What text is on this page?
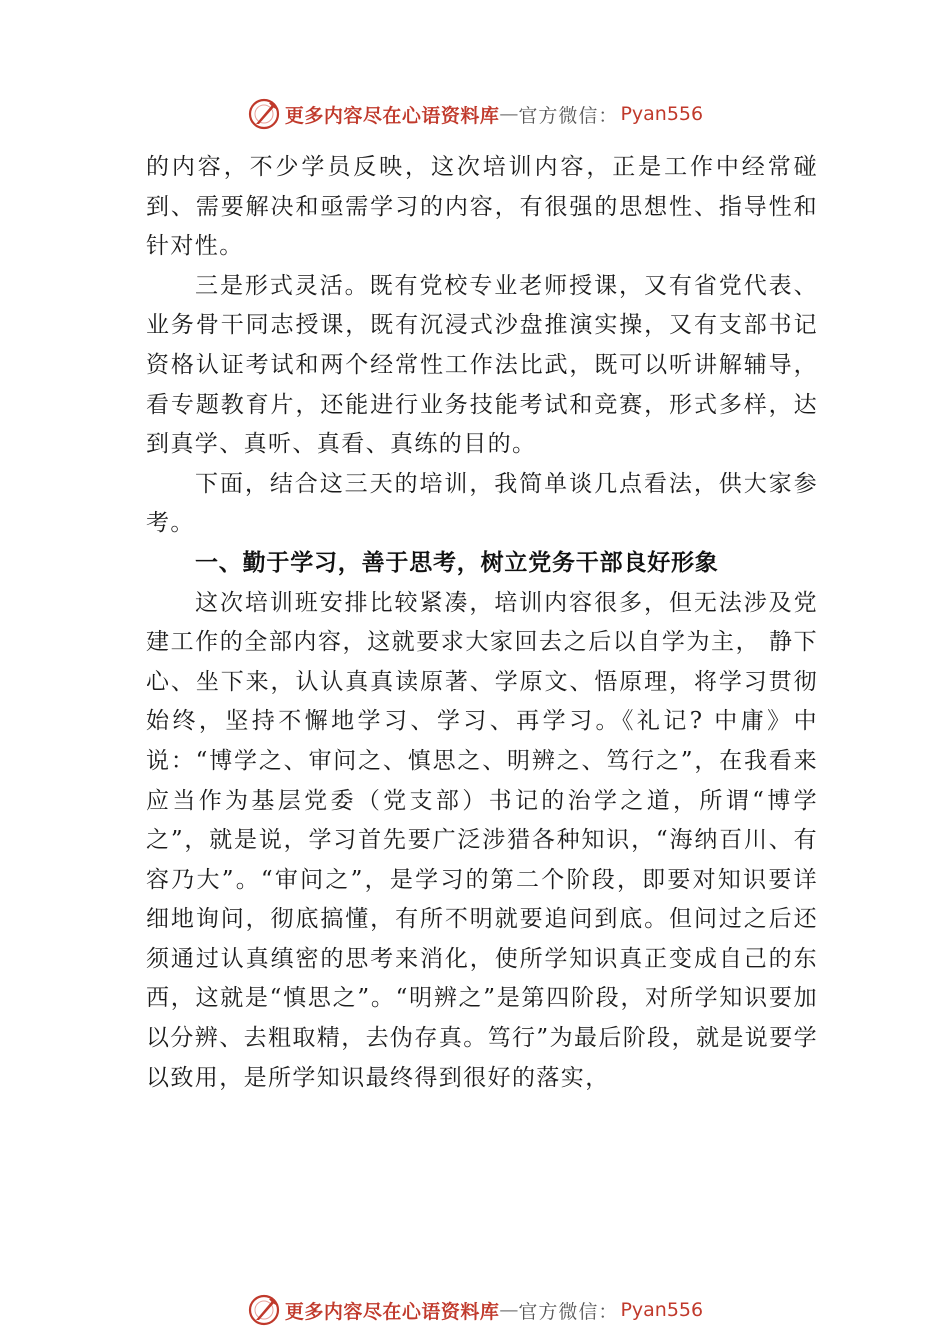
更多内容尽在心语资料库 — 官方微信： Pyan556

的内容，不少学员反映，这次培训内容，正是工作中经常碰到、需要解决和亟需学习的内容，有很强的思想性、指导性和针对性。

三是形式灵活。既有党校专业老师授课，又有省党代表、业务骨干同志授课，既有沉浸式沙盘推演实操，又有支部书记资格认证考试和两个经常性工作法比武，既可以听讲解辅导，看专题教育片，还能进行业务技能考试和竞赛，形式多样，达到真学、真听、真看、真练的目的。

下面，结合这三天的培训，我简单谈几点看法，供大家参考。

一、勤于学习，善于思考，树立党务干部良好形象

这次培训班安排比较紧凑，培训内容很多，但无法涉及党建工作的全部内容，这就要求大家回去之后以自学为主， 静下心、坐下来，认认真真读原著、学原文、悟原理，将学习贯彻始终，坚持不懈地学习、学习、再学习。《礼记? 中庸》中说：“博学之、审问之、慎思之、明辨之、笃行之”，在我看来应当作为基层党委（党支部）书记的治学之道，所谓“博学之”，就是说，学习首先要广泛涉猎各种知识，“海纳百川、有容乃大”。“审问之”，是学习的第二个阶段，即要对知识要详细地询问，彻底搞懂，有所不明就要追问到底。但问过之后还须通过认真缜密的思考来消化，使所学知识真正变成自己的东西，这就是“慎思之”。“明辨之”是第四阶段，对所学知识要加以分辨、去粗取精，去伪存真。笃行”为最后阶段，就是说要学以致用，是所学知识最终得到很好的落实，

更多内容尽在心语资料库 — 官方微信： Pyan556
